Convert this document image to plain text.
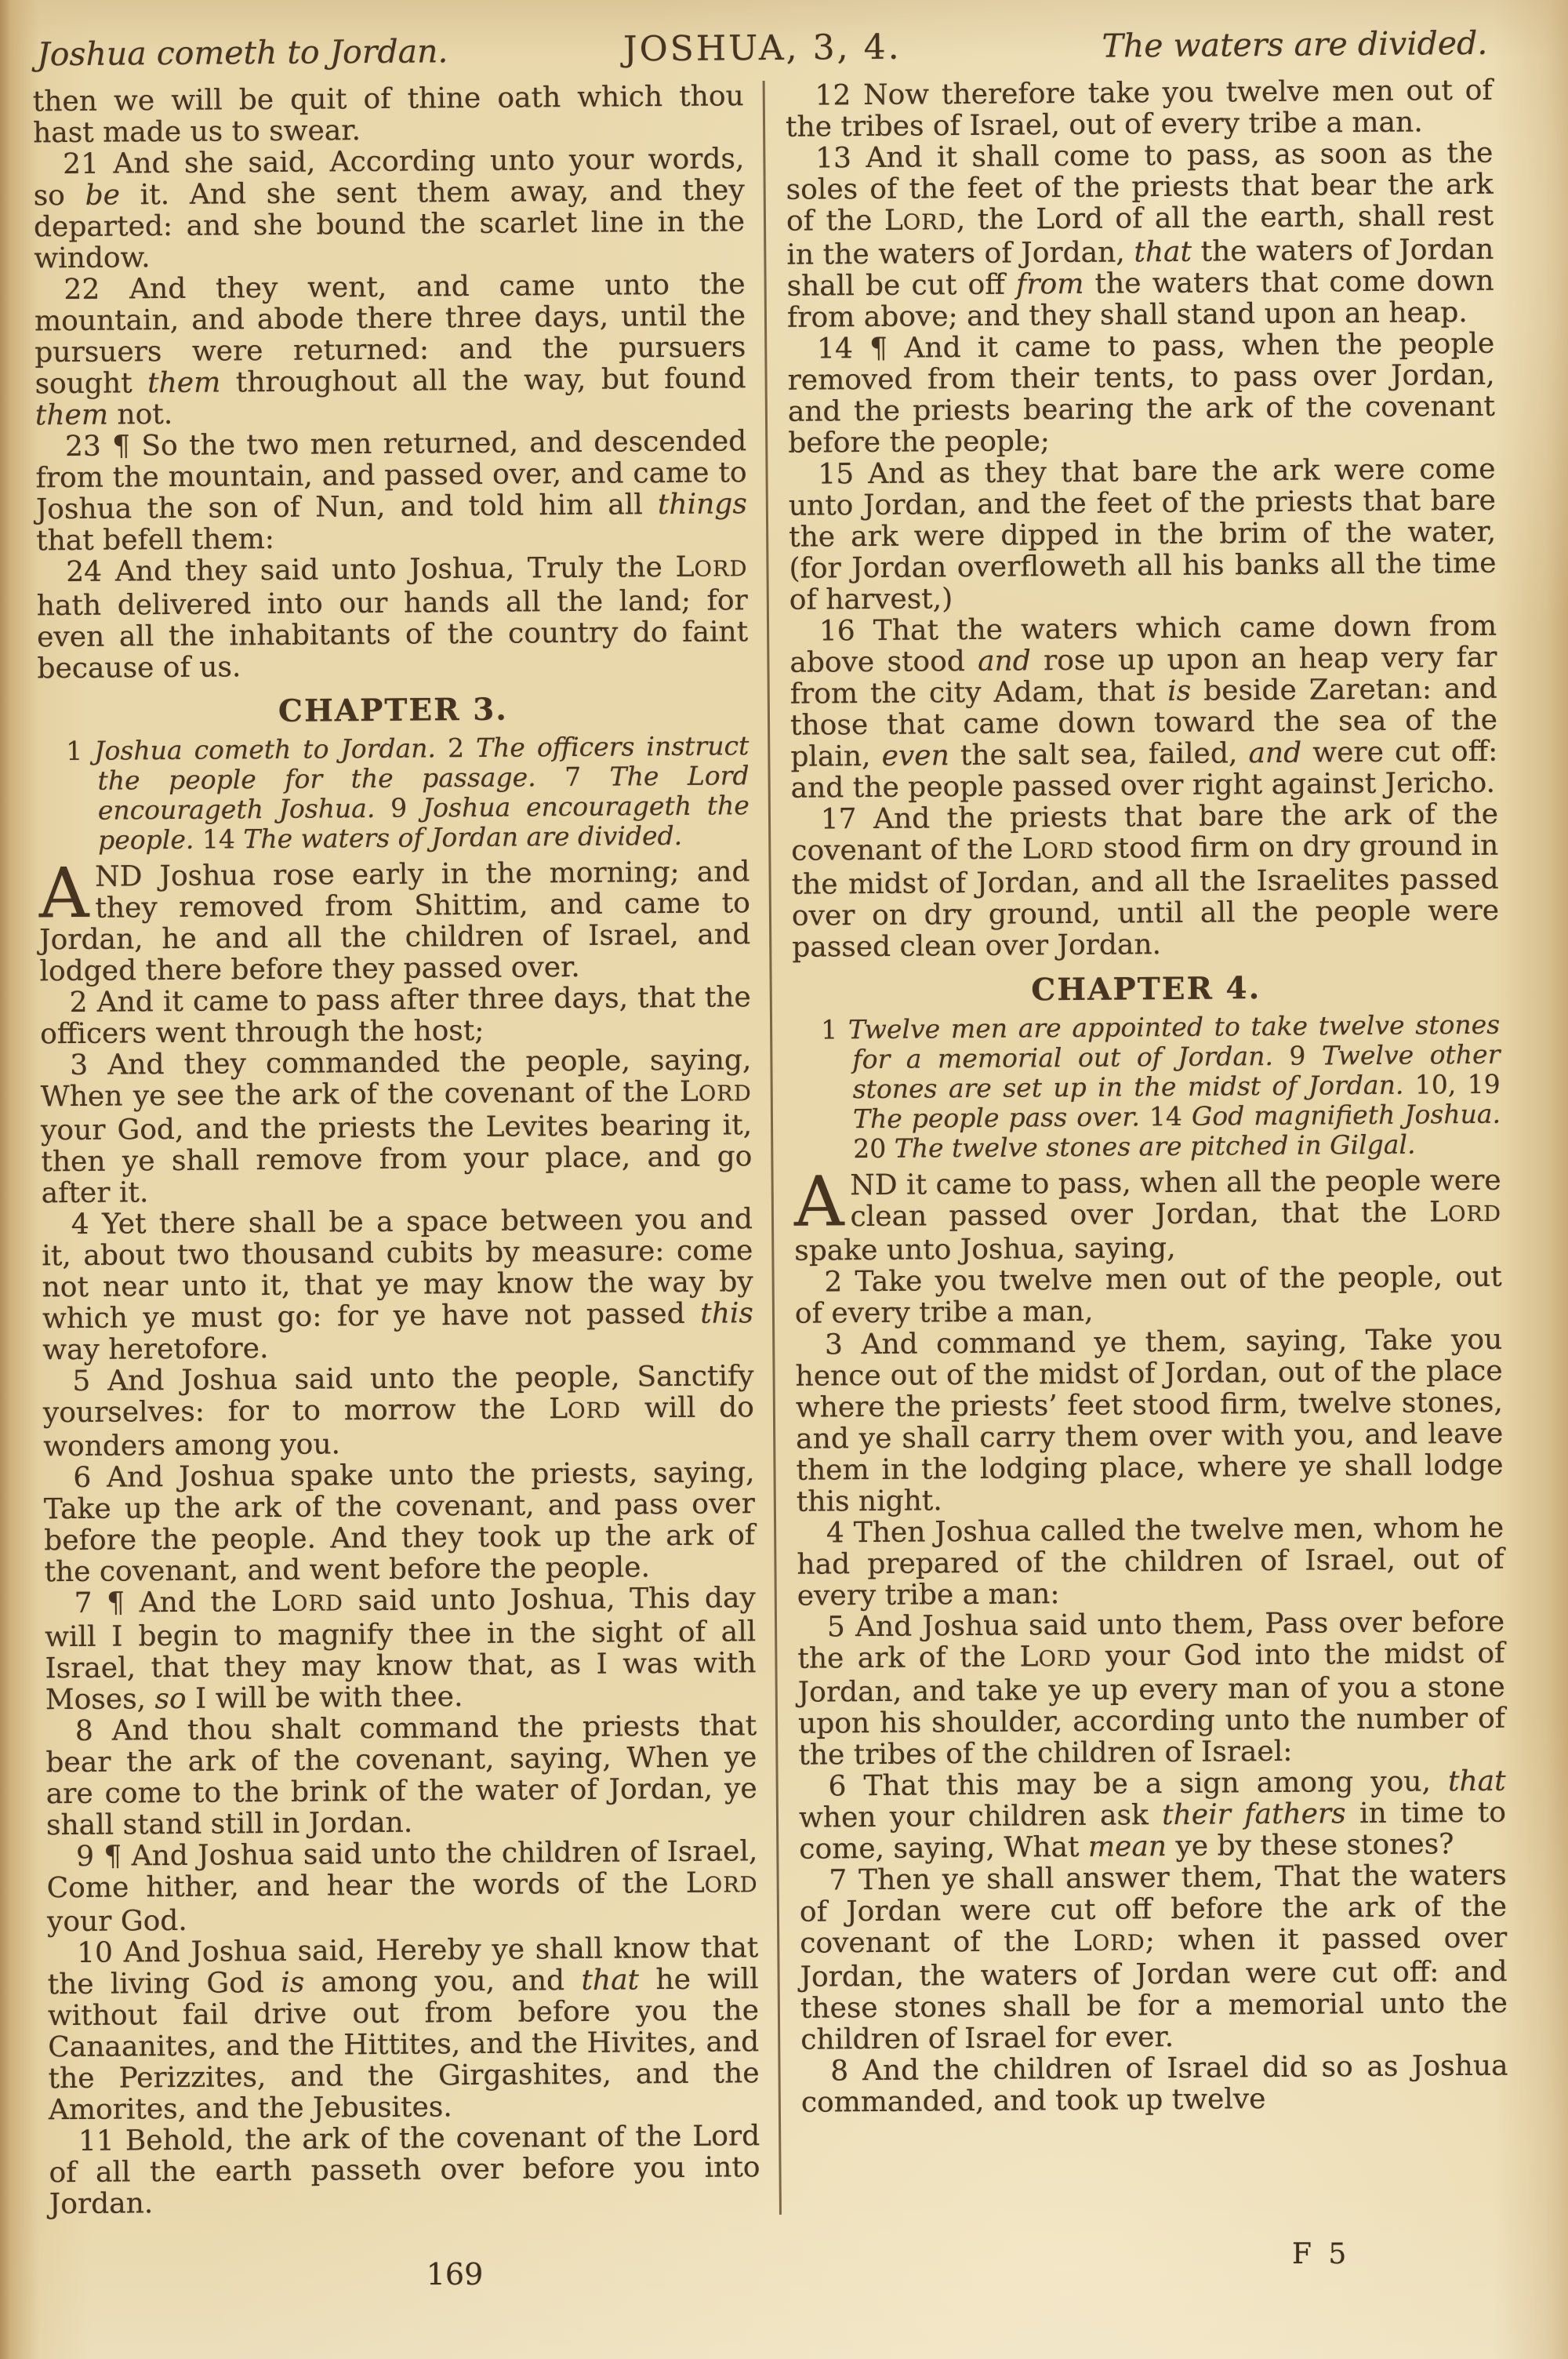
Joshua cometh to Jordan.	JOSHUA, 3, 4.	The waters are divided.

then we will be quit of thine oath which thou hast made us to swear.

21 And she said, According unto your words, so be it. And she sent them away, and they departed: and she bound the scarlet line in the window.

22 And they went, and came unto the mountain, and abode there three days, until the pursuers were returned: and the pursuers sought them throughout all the way, but found them not.

23 ¶ So the two men returned, and descended from the mountain, and passed over, and came to Joshua the son of Nun, and told him all things that befell them:

24 And they said unto Joshua, Truly the LORD hath delivered into our hands all the land; for even all the inhabitants of the country do faint because of us.

CHAPTER 3.

1 Joshua cometh to Jordan. 2 The officers instruct the people for the passage. 7 The Lord encourageth Joshua. 9 Joshua encourageth the people. 14 The waters of Jordan are divided.

AND Joshua rose early in the morning; and they removed from Shittim, and came to Jordan, he and all the children of Israel, and lodged there before they passed over.

2 And it came to pass after three days, that the officers went through the host;

3 And they commanded the people, saying, When ye see the ark of the covenant of the LORD your God, and the priests the Levites bearing it, then ye shall remove from your place, and go after it.

4 Yet there shall be a space between you and it, about two thousand cubits by measure: come not near unto it, that ye may know the way by which ye must go: for ye have not passed this way heretofore.

5 And Joshua said unto the people, Sanctify yourselves: for to morrow the LORD will do wonders among you.

6 And Joshua spake unto the priests, saying, Take up the ark of the covenant, and pass over before the people. And they took up the ark of the covenant, and went before the people.

7 ¶ And the LORD said unto Joshua, This day will I begin to magnify thee in the sight of all Israel, that they may know that, as I was with Moses, so I will be with thee.

8 And thou shalt command the priests that bear the ark of the covenant, saying, When ye are come to the brink of the water of Jordan, ye shall stand still in Jordan.

9 ¶ And Joshua said unto the children of Israel, Come hither, and hear the words of the LORD your God.

10 And Joshua said, Hereby ye shall know that the living God is among you, and that he will without fail drive out from before you the Canaanites, and the Hittites, and the Hivites, and the Perizzites, and the Girgashites, and the Amorites, and the Jebusites.

11 Behold, the ark of the covenant of the Lord of all the earth passeth over before you into Jordan.

12 Now therefore take you twelve men out of the tribes of Israel, out of every tribe a man.

13 And it shall come to pass, as soon as the soles of the feet of the priests that bear the ark of the LORD, the Lord of all the earth, shall rest in the waters of Jordan, that the waters of Jordan shall be cut off from the waters that come down from above; and they shall stand upon an heap.

14 ¶ And it came to pass, when the people removed from their tents, to pass over Jordan, and the priests bearing the ark of the covenant before the people;

15 And as they that bare the ark were come unto Jordan, and the feet of the priests that bare the ark were dipped in the brim of the water, (for Jordan overfloweth all his banks all the time of harvest,)

16 That the waters which came down from above stood and rose up upon an heap very far from the city Adam, that is beside Zaretan: and those that came down toward the sea of the plain, even the salt sea, failed, and were cut off: and the people passed over right against Jericho.

17 And the priests that bare the ark of the covenant of the LORD stood firm on dry ground in the midst of Jordan, and all the Israelites passed over on dry ground, until all the people were passed clean over Jordan.

CHAPTER 4.

1 Twelve men are appointed to take twelve stones for a memorial out of Jordan. 9 Twelve other stones are set up in the midst of Jordan. 10, 19 The people pass over. 14 God magnifieth Joshua. 20 The twelve stones are pitched in Gilgal.

AND it came to pass, when all the people were clean passed over Jordan, that the LORD spake unto Joshua, saying,

2 Take you twelve men out of the people, out of every tribe a man,

3 And command ye them, saying, Take you hence out of the midst of Jordan, out of the place where the priests’ feet stood firm, twelve stones, and ye shall carry them over with you, and leave them in the lodging place, where ye shall lodge this night.

4 Then Joshua called the twelve men, whom he had prepared of the children of Israel, out of every tribe a man:

5 And Joshua said unto them, Pass over before the ark of the LORD your God into the midst of Jordan, and take ye up every man of you a stone upon his shoulder, according unto the number of the tribes of the children of Israel:

6 That this may be a sign among you, that when your children ask their fathers in time to come, saying, What mean ye by these stones?

7 Then ye shall answer them, That the waters of Jordan were cut off before the ark of the covenant of the LORD; when it passed over Jordan, the waters of Jordan were cut off: and these stones shall be for a memorial unto the children of Israel for ever.

8 And the children of Israel did so as Joshua commanded, and took up twelve

169
F 5
